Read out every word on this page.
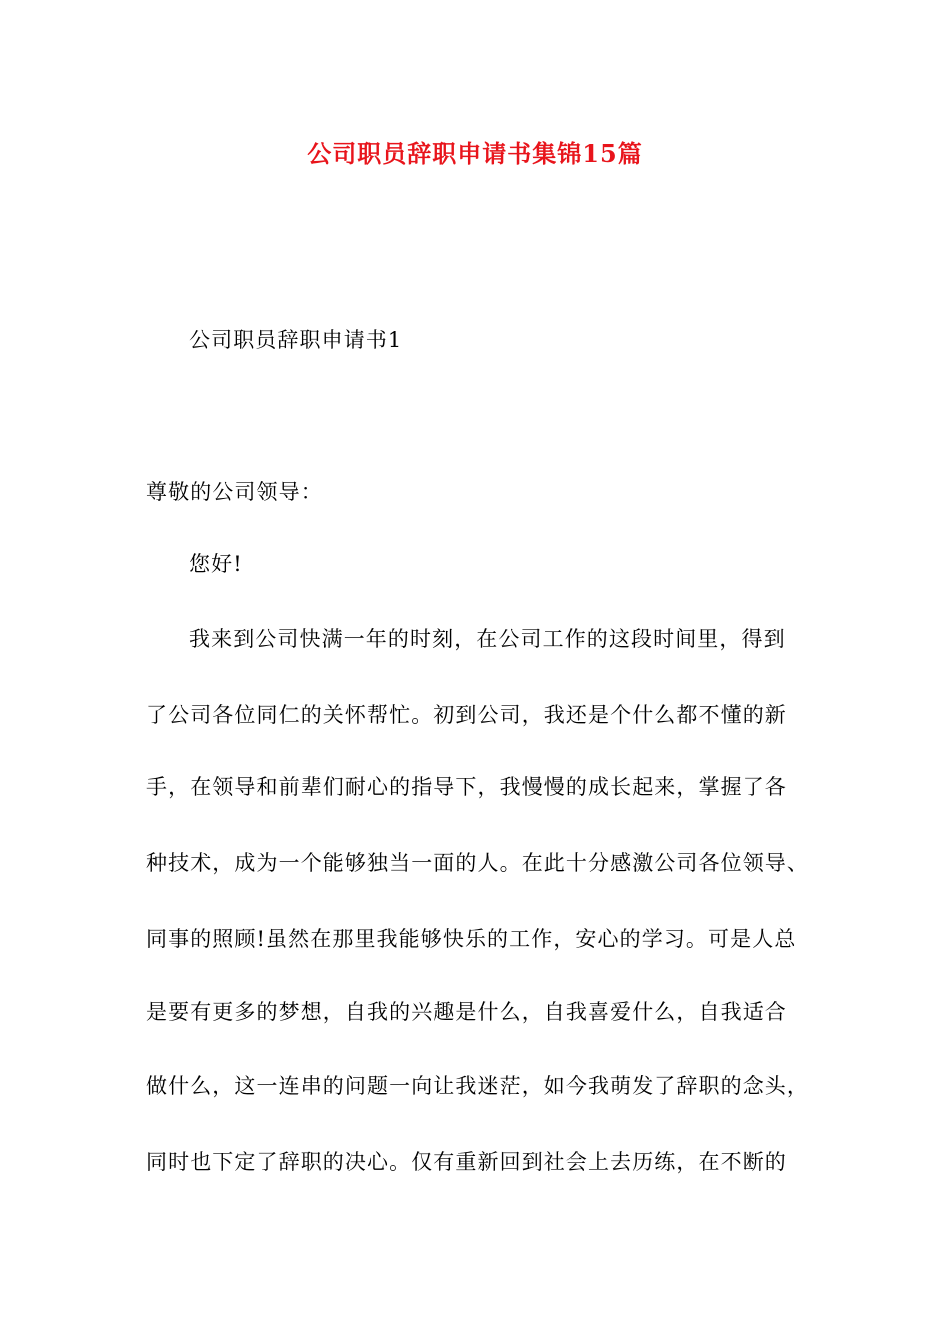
公司职员辞职申请书集锦15篇
公司职员辞职申请书1
尊敬的公司领导：
您好!
我来到公司快满一年的时刻，在公司工作的这段时间里，得到
了公司各位同仁的关怀帮忙。初到公司，我还是个什么都不懂的新
手，在领导和前辈们耐心的指导下，我慢慢的成长起来，掌握了各
种技术，成为一个能够独当一面的人。在此十分感激公司各位领导、
同事的照顾!虽然在那里我能够快乐的工作，安心的学习。可是人总
是要有更多的梦想，自我的兴趣是什么，自我喜爱什么，自我适合
做什么，这一连串的问题一向让我迷茫，如今我萌发了辞职的念头，
同时也下定了辞职的决心。仅有重新回到社会上去历练，在不断的
